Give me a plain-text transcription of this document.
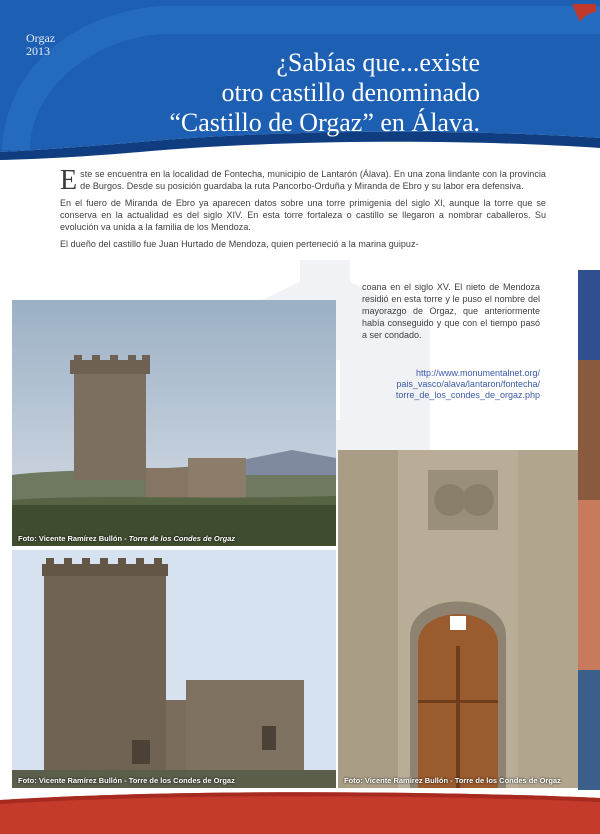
Orgaz
2013	¿Sabías que...existe
otro castillo denominado
“Castillo de Orgaz” en Álava.

Este se encuentra en la localidad de Fontecha, municipio de Lantarón (Álava). En una zona lindante con la provincia de Burgos. Desde su posición guardaba la ruta Pancorbo-Orduña y Miranda de Ebro y su labor era defensiva.

En el fuero de Miranda de Ebro ya aparecen datos sobre una torre primigenia del siglo XI, aunque la torre que se conserva en la actualidad es del siglo XIV. En esta torre fortaleza o castillo se llegaron a nombrar caballeros. Su evolución va unida a la familia de los Mendoza.

El dueño del castillo fue Juan Hurtado de Mendoza, quien perteneció a la marina guipuz-

coana en el siglo XV. El nieto de Mendoza residió en esta torre y le puso el nombre del mayorazgo de Orgaz, que anteriormente había conseguido y que con el tiempo pasó a ser condado.
http://www.monumentalnet.org/ pais_vasco/alava/lantaron/fontecha/ torre_de_los_condes_de_orgaz.php
Foto: Vicente Ramírez Bullón - Torre de los Condes de Orgaz
Foto: Vicente Ramírez Bullón - Torre de los Condes de Orgaz	Foto: Vicente Ramírez Bullón - Torre de los Condes de Orgaz
